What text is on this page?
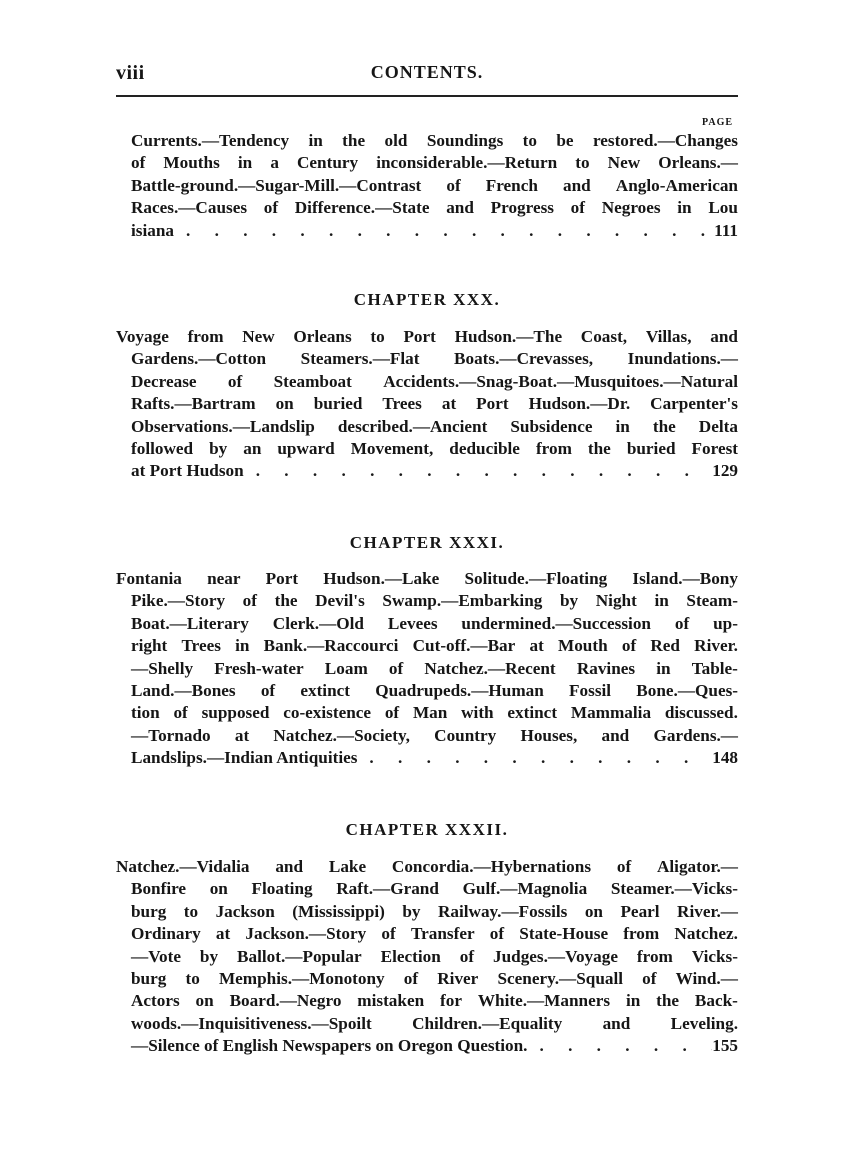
viii	CONTENTS.
PAGE
Currents.—Tendency in the old Soundings to be restored.—Changes
of Mouths in a Century inconsiderable.—Return to New Orleans.—
Battle-ground.—Sugar-Mill.—Contrast of French and Anglo-American
Races.—Causes of Difference.—State and Progress of Negroes in Lou
isiana . . .	111
CHAPTER XXX.
Voyage from New Orleans to Port Hudson.—The Coast, Villas, and
Gardens.—Cotton Steamers.—Flat Boats.—Crevasses, Inundations.—
Decrease of Steamboat Accidents.—Snag-Boat.—Musquitoes.—Natural
Rafts.—Bartram on buried Trees at Port Hudson.—Dr. Carpenter's
Observations.—Landslip described.—Ancient Subsidence in the Delta
followed by an upward Movement, deducible from the buried Forest
at Port Hudson . . .	129
CHAPTER XXXI.
Fontania near Port Hudson.—Lake Solitude.—Floating Island.—Bony
Pike.—Story of the Devil's Swamp.—Embarking by Night in Steam-
Boat.—Literary Clerk.—Old Levees undermined.—Succession of up-
right Trees in Bank.—Raccourci Cut-off.—Bar at Mouth of Red River.
—Shelly Fresh-water Loam of Natchez.—Recent Ravines in Table-
Land.—Bones of extinct Quadrupeds.—Human Fossil Bone.—Ques-
tion of supposed co-existence of Man with extinct Mammalia discussed.
—Tornado at Natchez.—Society, Country Houses, and Gardens.—
Landslips.—Indian Antiquities . . .	148
CHAPTER XXXII.
Natchez.—Vidalia and Lake Concordia.—Hybernations of Aligator.—
Bonfire on Floating Raft.—Grand Gulf.—Magnolia Steamer.—Vicks-
burg to Jackson (Mississippi) by Railway.—Fossils on Pearl River.—
Ordinary at Jackson.—Story of Transfer of State-House from Natchez.
—Vote by Ballot.—Popular Election of Judges.—Voyage from Vicks-
burg to Memphis.—Monotony of River Scenery.—Squall of Wind.—
Actors on Board.—Negro mistaken for White.—Manners in the Back-
woods.—Inquisitiveness.—Spoilt Children.—Equality and Leveling.
—Silence of English Newspapers on Oregon Question. . . .	155
